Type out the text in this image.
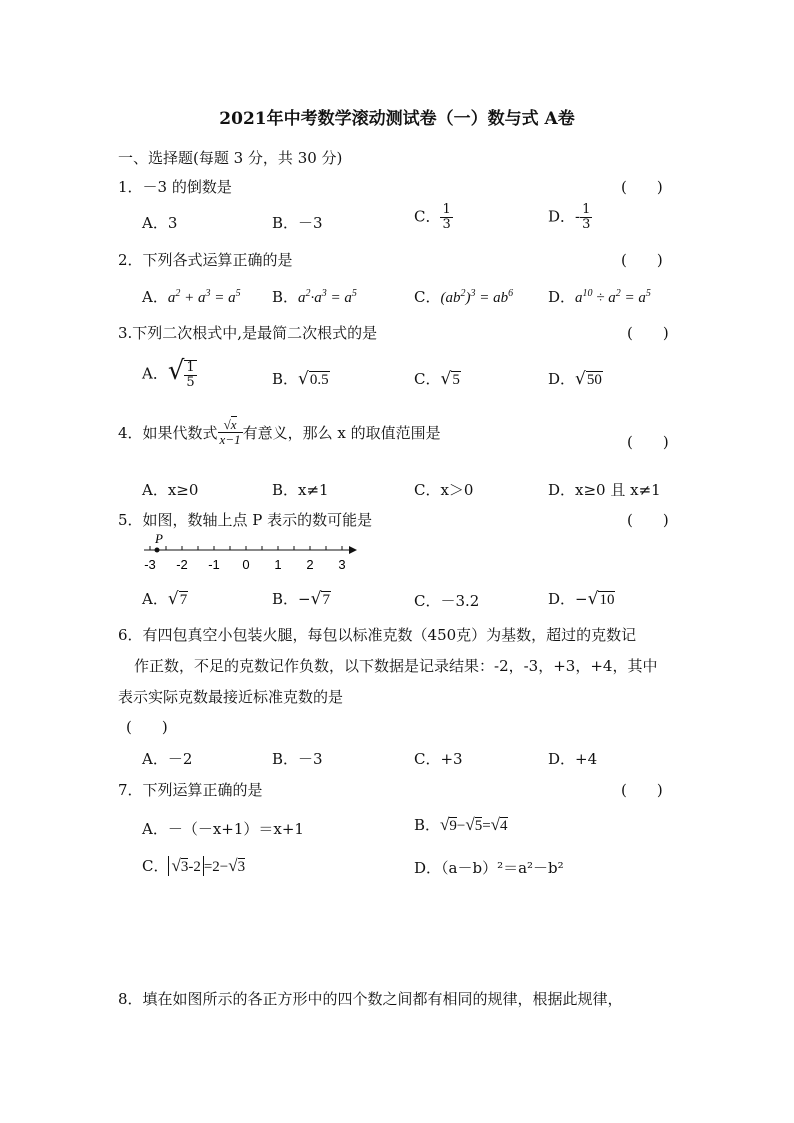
2021年中考数学滚动测试卷（一）数与式 A卷
一、选择题(每题 3 分，共 30 分)
1．－3 的倒数是	(　　)
A．3	B．－3	C． $\frac{1}{3}$	D．- $\frac{1}{3}$
2．下列各式运算正确的是	(　　)
A．$a^2 + a^3 = a^5$ B．$a^2\cdot a^3 = a^5$	C．$(ab^2)^3 = ab^6$ D．$a^{10} \div a^2 = a^5$
3.下列二次根式中,是最简二次根式的是	(　　)
A．√ $\frac{1}{5}$	B．√0.5	C．√5	D．√50
4．如果代数式 $\frac{√x}{x-1}$ 有意义，那么 x 的取值范围是	(　　)
A．x≥0	B．x≠1	C．x＞0	D．x≥0 且 x≠1
5．如图，数轴上点 P 表示的数可能是	(　　)
-3 -2 -1 0 1 2 3
P
A．√7	B．−√7	C．－3.2	D．−√10
6．有四包真空小包装火腿，每包以标准克数（450克）为基数，超过的克数记
作正数，不足的克数记作负数，以下数据是记录结果：-2，-3，+3，+4，其中
表示实际克数最接近标准克数的是
(　　)
A．－2	B．－3	C．+3	D．+4
7．下列运算正确的是	(　　)
A．－（－x+1）＝x+1	B．√9−√5=√4
C． √3-2 =2−√3	D．（a－b）²＝a²－b²
8．填在如图所示的各正方形中的四个数之间都有相同的规律，根据此规律，
